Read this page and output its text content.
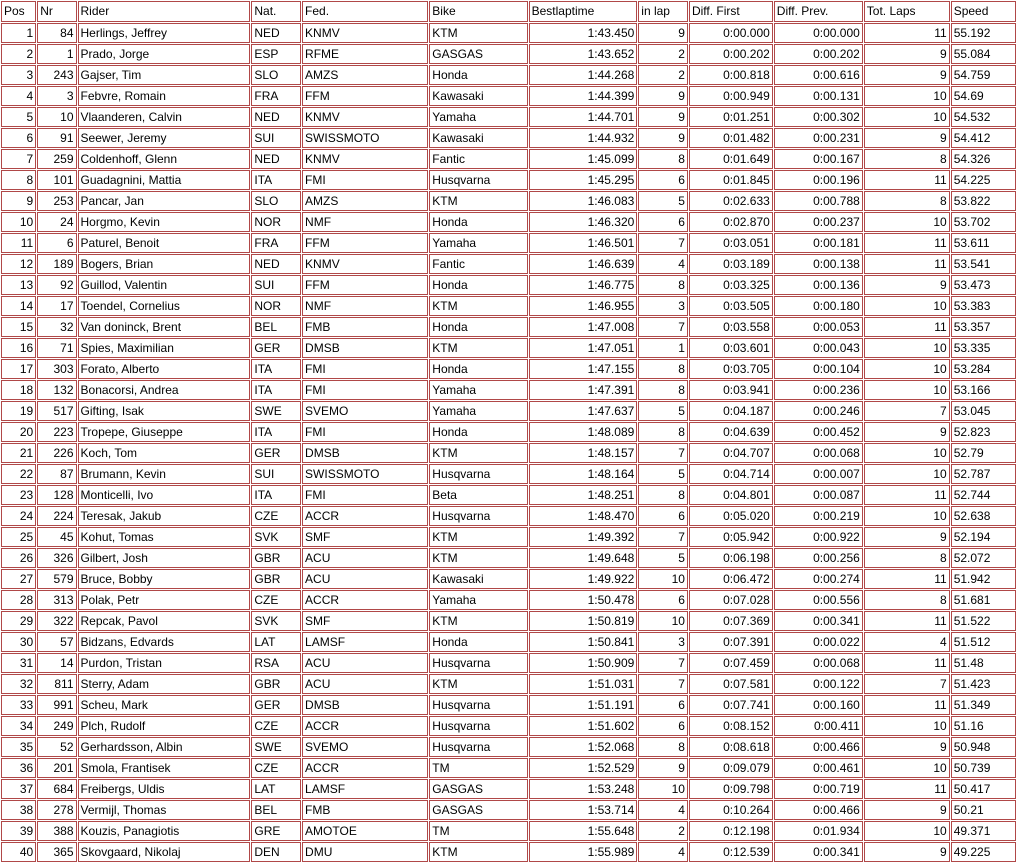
Pos	Nr	Rider	Nat.	Fed.	Bike	Bestlaptime	in lap	Diff. First	Diff. Prev.	Tot. Laps	Speed
1	84	Herlings, Jeffrey	NED	KNMV	KTM	1:43.450	9	0:00.000	0:00.000	11	55.192
2	1	Prado, Jorge	ESP	RFME	GASGAS	1:43.652	2	0:00.202	0:00.202	9	55.084
3	243	Gajser, Tim	SLO	AMZS	Honda	1:44.268	2	0:00.818	0:00.616	9	54.759
4	3	Febvre, Romain	FRA	FFM	Kawasaki	1:44.399	9	0:00.949	0:00.131	10	54.69
5	10	Vlaanderen, Calvin	NED	KNMV	Yamaha	1:44.701	9	0:01.251	0:00.302	10	54.532
6	91	Seewer, Jeremy	SUI	SWISSMOTO	Kawasaki	1:44.932	9	0:01.482	0:00.231	9	54.412
7	259	Coldenhoff, Glenn	NED	KNMV	Fantic	1:45.099	8	0:01.649	0:00.167	8	54.326
8	101	Guadagnini, Mattia	ITA	FMI	Husqvarna	1:45.295	6	0:01.845	0:00.196	11	54.225
9	253	Pancar, Jan	SLO	AMZS	KTM	1:46.083	5	0:02.633	0:00.788	8	53.822
10	24	Horgmo, Kevin	NOR	NMF	Honda	1:46.320	6	0:02.870	0:00.237	10	53.702
11	6	Paturel, Benoit	FRA	FFM	Yamaha	1:46.501	7	0:03.051	0:00.181	11	53.611
12	189	Bogers, Brian	NED	KNMV	Fantic	1:46.639	4	0:03.189	0:00.138	11	53.541
13	92	Guillod, Valentin	SUI	FFM	Honda	1:46.775	8	0:03.325	0:00.136	9	53.473
14	17	Toendel, Cornelius	NOR	NMF	KTM	1:46.955	3	0:03.505	0:00.180	10	53.383
15	32	Van doninck, Brent	BEL	FMB	Honda	1:47.008	7	0:03.558	0:00.053	11	53.357
16	71	Spies, Maximilian	GER	DMSB	KTM	1:47.051	1	0:03.601	0:00.043	10	53.335
17	303	Forato, Alberto	ITA	FMI	Honda	1:47.155	8	0:03.705	0:00.104	10	53.284
18	132	Bonacorsi, Andrea	ITA	FMI	Yamaha	1:47.391	8	0:03.941	0:00.236	10	53.166
19	517	Gifting, Isak	SWE	SVEMO	Yamaha	1:47.637	5	0:04.187	0:00.246	7	53.045
20	223	Tropepe, Giuseppe	ITA	FMI	Honda	1:48.089	8	0:04.639	0:00.452	9	52.823
21	226	Koch, Tom	GER	DMSB	KTM	1:48.157	7	0:04.707	0:00.068	10	52.79
22	87	Brumann, Kevin	SUI	SWISSMOTO	Husqvarna	1:48.164	5	0:04.714	0:00.007	10	52.787
23	128	Monticelli, Ivo	ITA	FMI	Beta	1:48.251	8	0:04.801	0:00.087	11	52.744
24	224	Teresak, Jakub	CZE	ACCR	Husqvarna	1:48.470	6	0:05.020	0:00.219	10	52.638
25	45	Kohut, Tomas	SVK	SMF	KTM	1:49.392	7	0:05.942	0:00.922	9	52.194
26	326	Gilbert, Josh	GBR	ACU	KTM	1:49.648	5	0:06.198	0:00.256	8	52.072
27	579	Bruce, Bobby	GBR	ACU	Kawasaki	1:49.922	10	0:06.472	0:00.274	11	51.942
28	313	Polak, Petr	CZE	ACCR	Yamaha	1:50.478	6	0:07.028	0:00.556	8	51.681
29	322	Repcak, Pavol	SVK	SMF	KTM	1:50.819	10	0:07.369	0:00.341	11	51.522
30	57	Bidzans, Edvards	LAT	LAMSF	Honda	1:50.841	3	0:07.391	0:00.022	4	51.512
31	14	Purdon, Tristan	RSA	ACU	Husqvarna	1:50.909	7	0:07.459	0:00.068	11	51.48
32	811	Sterry, Adam	GBR	ACU	KTM	1:51.031	7	0:07.581	0:00.122	7	51.423
33	991	Scheu, Mark	GER	DMSB	Husqvarna	1:51.191	6	0:07.741	0:00.160	11	51.349
34	249	Plch, Rudolf	CZE	ACCR	Husqvarna	1:51.602	6	0:08.152	0:00.411	10	51.16
35	52	Gerhardsson, Albin	SWE	SVEMO	Husqvarna	1:52.068	8	0:08.618	0:00.466	9	50.948
36	201	Smola, Frantisek	CZE	ACCR	TM	1:52.529	9	0:09.079	0:00.461	10	50.739
37	684	Freibergs, Uldis	LAT	LAMSF	GASGAS	1:53.248	10	0:09.798	0:00.719	11	50.417
38	278	Vermijl, Thomas	BEL	FMB	GASGAS	1:53.714	4	0:10.264	0:00.466	9	50.21
39	388	Kouzis, Panagiotis	GRE	AMOTOE	TM	1:55.648	2	0:12.198	0:01.934	10	49.371
40	365	Skovgaard, Nikolaj	DEN	DMU	KTM	1:55.989	4	0:12.539	0:00.341	9	49.225
